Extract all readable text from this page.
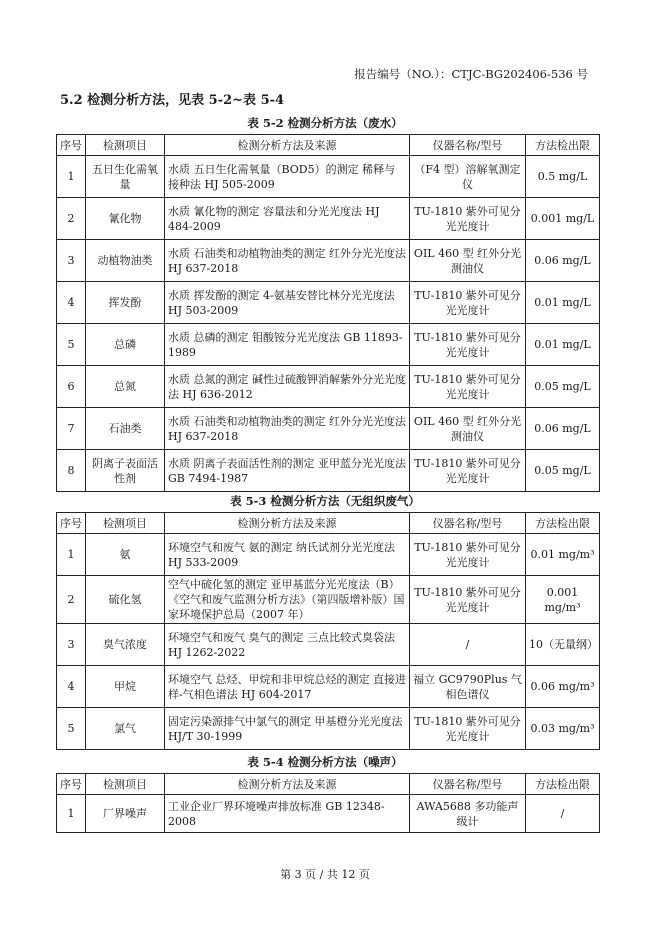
报告编号（NO.）：CTJC-BG202406-536 号
5.2 检测分析方法，见表 5-2~表 5-4
表 5-2 检测分析方法（废水）
序号	检测项目	检测分析方法及来源	仪器名称/型号	方法检出限
1	五日生化需氧量	水质 五日生化需氧量（BOD5）的测定 稀释与接种法 HJ 505-2009	（F4 型）溶解氧测定仪	0.5 mg/L
2	氰化物	水质 氰化物的测定 容量法和分光光度法 HJ 484-2009	TU-1810 紫外可见分光光度计	0.001 mg/L
3	动植物油类	水质 石油类和动植物油类的测定 红外分光光度法 HJ 637-2018	OIL 460 型 红外分光测油仪	0.06 mg/L
4	挥发酚	水质 挥发酚的测定 4-氨基安替比林分光光度法 HJ 503-2009	TU-1810 紫外可见分光光度计	0.01 mg/L
5	总磷	水质 总磷的测定 钼酸铵分光光度法 GB 11893-1989	TU-1810 紫外可见分光光度计	0.01 mg/L
6	总氮	水质 总氮的测定 碱性过硫酸钾消解紫外分光光度法 HJ 636-2012	TU-1810 紫外可见分光光度计	0.05 mg/L
7	石油类	水质 石油类和动植物油类的测定 红外分光光度法 HJ 637-2018	OIL 460 型 红外分光测油仪	0.06 mg/L
8	阴离子表面活性剂	水质 阴离子表面活性剂的测定 亚甲蓝分光光度法 GB 7494-1987	TU-1810 紫外可见分光光度计	0.05 mg/L
表 5-3 检测分析方法（无组织废气）
序号	检测项目	检测分析方法及来源	仪器名称/型号	方法检出限
1	氨	环境空气和废气 氨的测定 纳氏试剂分光光度法 HJ 533-2009	TU-1810 紫外可见分光光度计	0.01 mg/m³
2	硫化氢	空气中硫化氢的测定 亚甲基蓝分光光度法（B）《空气和废气监测分析方法》（第四版增补版）国家环境保护总局（2007 年）	TU-1810 紫外可见分光光度计	0.001 mg/m³
3	臭气浓度	环境空气和废气 臭气的测定 三点比较式臭袋法 HJ 1262-2022	/	10（无量纲）
4	甲烷	环境空气 总烃、甲烷和非甲烷总烃的测定 直接进样-气相色谱法 HJ 604-2017	福立 GC9790Plus 气相色谱仪	0.06 mg/m³
5	氯气	固定污染源排气中氯气的测定 甲基橙分光光度法 HJ/T 30-1999	TU-1810 紫外可见分光光度计	0.03 mg/m³
表 5-4 检测分析方法（噪声）
序号	检测项目	检测分析方法及来源	仪器名称/型号	方法检出限
1	厂界噪声	工业企业厂界环境噪声排放标准 GB 12348-2008	AWA5688 多功能声级计	/
第 3 页 / 共 12 页
